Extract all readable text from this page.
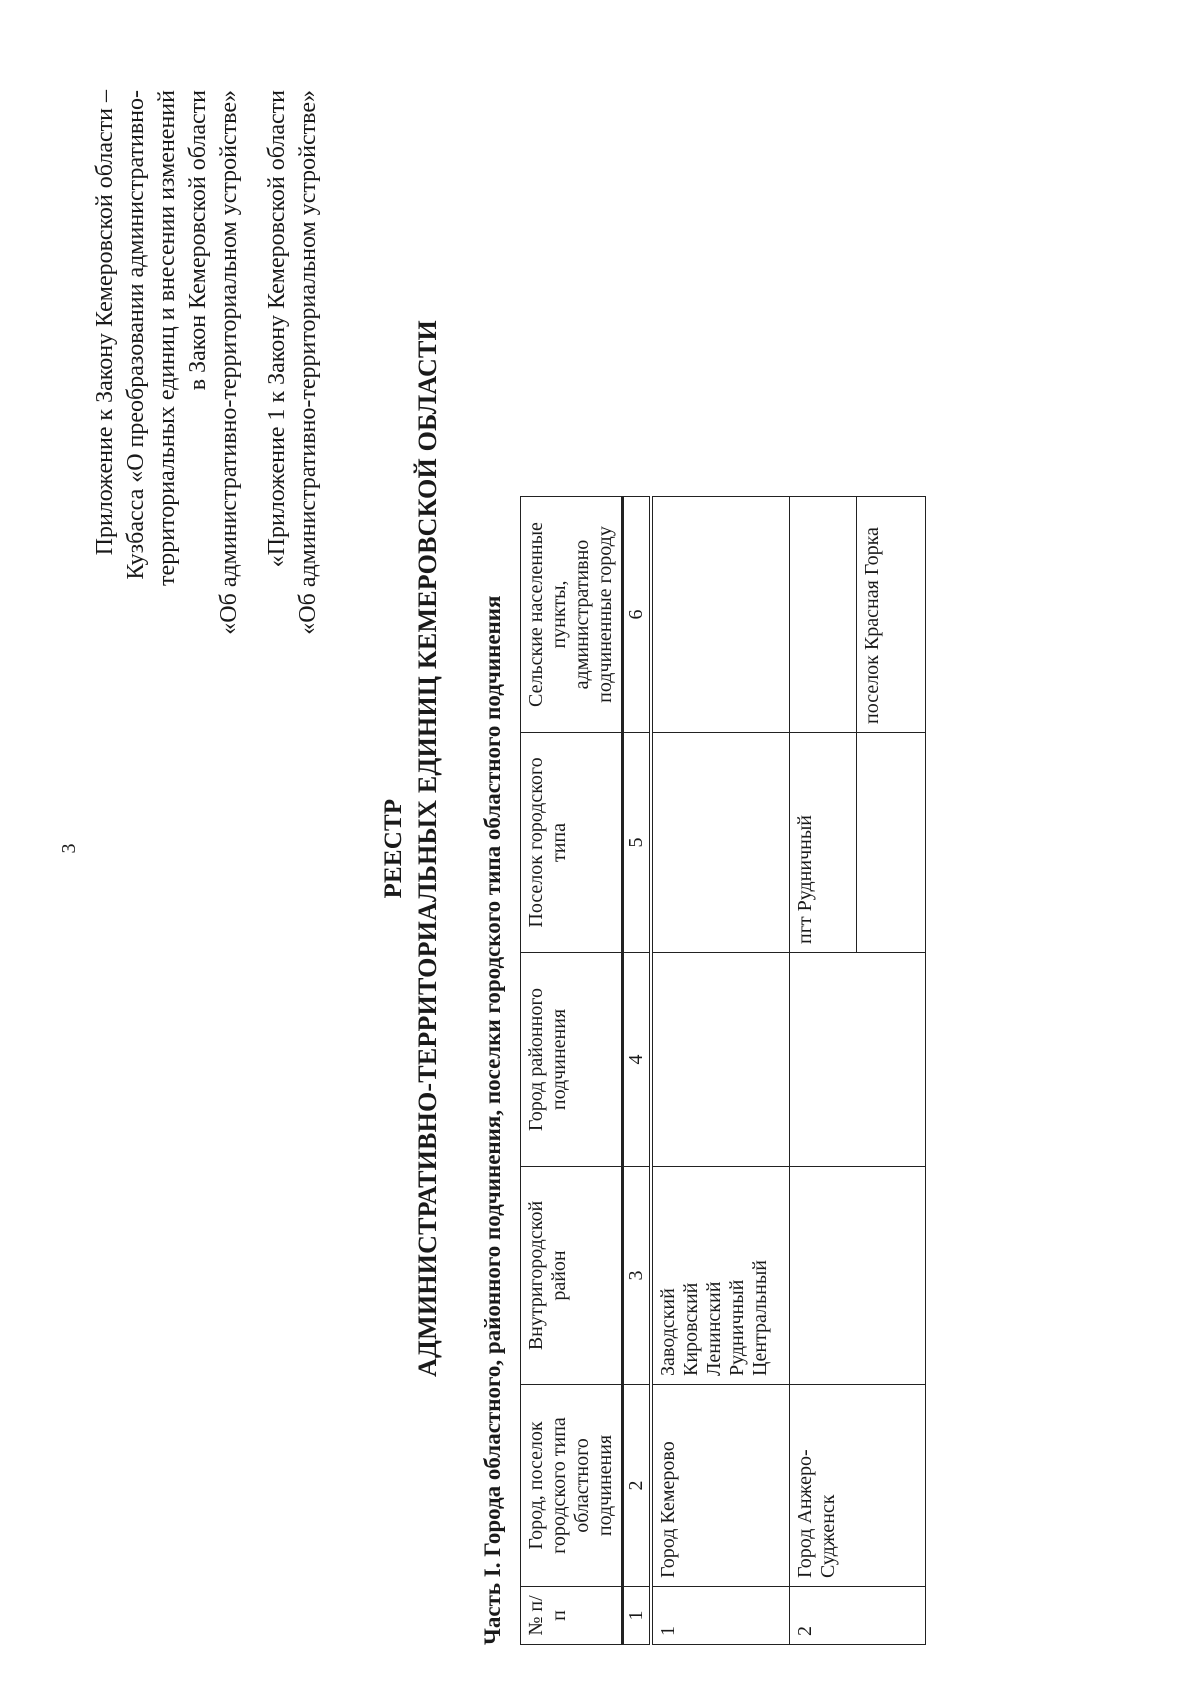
3
Приложение к Закону Кемеровской области – Кузбасса «О преобразовании административно- территориальных единиц и внесении изменений в Закон Кемеровской области «Об административно-территориальном устройстве» «Приложение 1 к Закону Кемеровской области «Об административно-территориальном устройстве»
РЕЕСТР АДМИНИСТРАТИВНО-ТЕРРИТОРИАЛЬНЫХ ЕДИНИЦ КЕМЕРОВСКОЙ ОБЛАСТИ Часть I. Города областного, районного подчинения, поселки городского типа областного подчинения № п/п	Город, поселок городского типа областного подчинения	Внутригородской район	Город районного подчинения	Поселок городского типа	Сельские населенные пункты, административно подчиненные городу
1	2	3	4	5	6
1	Город Кемерово	Заводский Кировский Ленинский Рудничный Центральный			

2	Город Анжеро-Судженск			пгт Рудничный	
					поселок Красная Горка
